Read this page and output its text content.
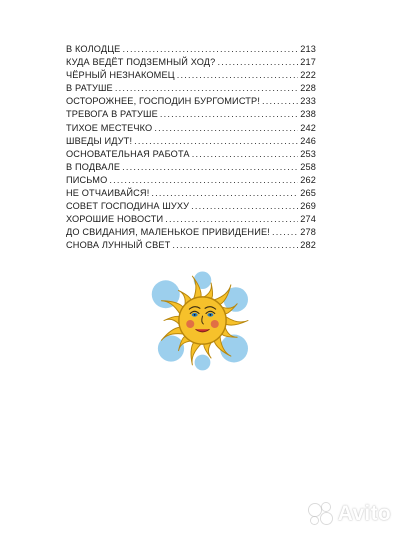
В КОЛОДЦЕ .....	213
КУДА ВЕДЁТ ПОДЗЕМНЫЙ ХОД? .....	217
ЧЁРНЫЙ НЕЗНАКОМЕЦ .....	222
В РАТУШЕ .....	228
ОСТОРОЖНЕЕ, ГОСПОДИН БУРГОМИСТР! .....	233
ТРЕВОГА В РАТУШЕ .....	238
ТИХОЕ МЕСТЕЧКО .....	242
ШВЕДЫ ИДУТ! .....	246
ОСНОВАТЕЛЬНАЯ РАБОТА .....	253
В ПОДВАЛЕ .....	258
ПИСЬМО .....	262
НЕ ОТЧАИВАЙСЯ! .....	265
СОВЕТ ГОСПОДИНА ШУХУ .....	269
ХОРОШИЕ НОВОСТИ .....	274
ДО СВИДАНИЯ, МАЛЕНЬКОЕ ПРИВИДЕНИЕ! .....	278
СНОВА ЛУННЫЙ СВЕТ .....	282
Avito
